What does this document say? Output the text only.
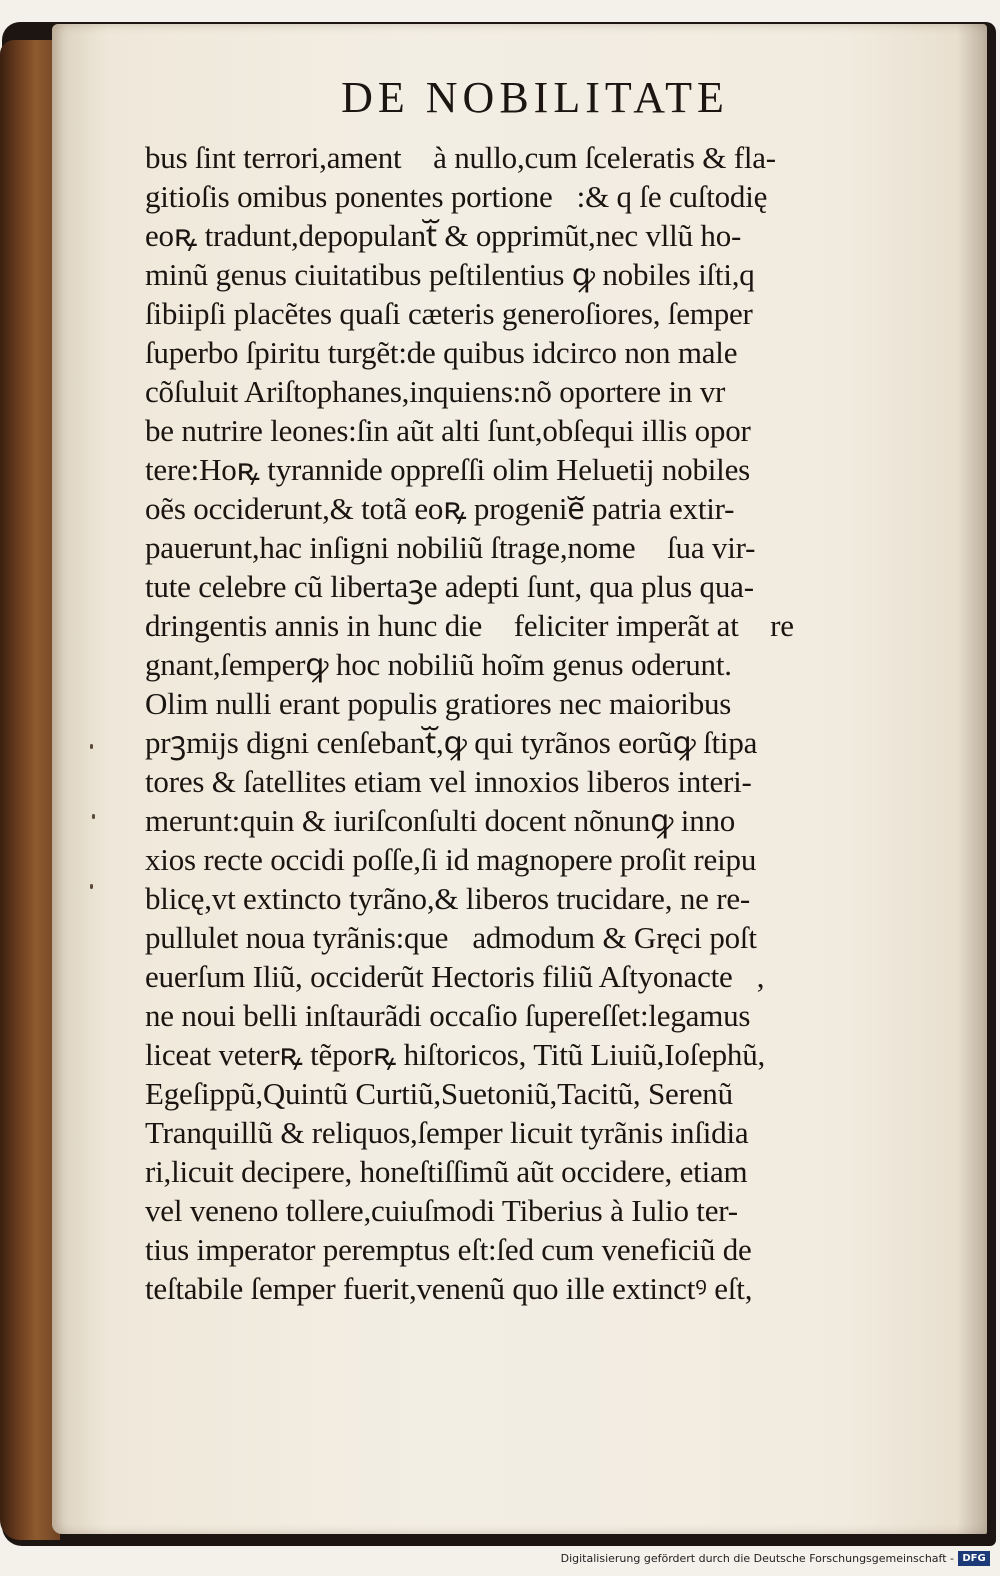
DE NOBILITATE
bus ſint terrori,amentᷓ à nullo,cum ſceleratis & fla-
gitioſis omibus ponentes portioneᷓ:& q ſe cuſtodię
eoꝶ tradunt,depopulantᷓ & opprimũt,nec vllũ ho-
minũ genus ciuitatibus peſtilentius ꝙ nobiles iſti,q
ſibiipſi placẽtes quaſi cæteris generoſiores, ſemper
ſuperbo ſpiritu turgẽt:de quibus idcirco non male
cõſuluit Ariſtophanes,inquiens:nõ oportere in vr
be nutrire leones:ſin aũt alti ſunt,obſequi illis opor
tere:Hoꝶ tyrannide oppreſſi olim Heluetij nobiles
oẽs occiderunt,& totã eoꝶ progenieᷓ patria extir-
pauerunt,hac inſigni nobiliũ ſtrage,nomeᷓ ſua vir-
tute celebre cũ libertaꝫe adepti ſunt, qua plus qua-
dringentis annis in hunc dieᷓ feliciter imperãt atꝙ re
gnant,ſemperꝙ hoc nobiliũ hoĩm genus oderunt.
Olim nulli erant populis gratiores nec maioribus
prꝫmijs digni cenſebantᷓ,ꝙ qui tyrãnos eorũꝙ ſtipa
tores & ſatellites etiam vel innoxios liberos interi-
merunt:quin & iuriſconſulti docent nõnunꝙ inno
xios recte occidi poſſe,ſi id magnopere proſit reipu
blicę,vt extincto tyrãno,& liberos trucidare, ne re-
pullulet noua tyrãnis:queᷓadmodum & Gręci poſt
euerſum Iliũ, occiderũt Hectoris filiũ Aſtyonacteᷓ,
ne noui belli inſtaurãdi occaſio ſupereſſet:legamus
liceat veterꝶ tẽporꝶ hiſtoricos, Titũ Liuiũ,Ioſephũ,
Egeſippũ,Quintũ Curtiũ,Suetoniũ,Tacitũ, Serenũ
Tranquillũ & reliquos,ſemper licuit tyrãnis inſidia
ri,licuit decipere, honeſtiſſimũ aũt occidere, etiam
vel veneno tollere,cuiuſmodi Tiberius à Iulio ter-
tius imperator peremptus eſt:ſed cum veneficiũ de
teſtabile ſemper fuerit,venenũ quo ille extinctꝰ eſt,
Digitalisierung gefördert durch die Deutsche Forschungsgemeinschaft - DFG
